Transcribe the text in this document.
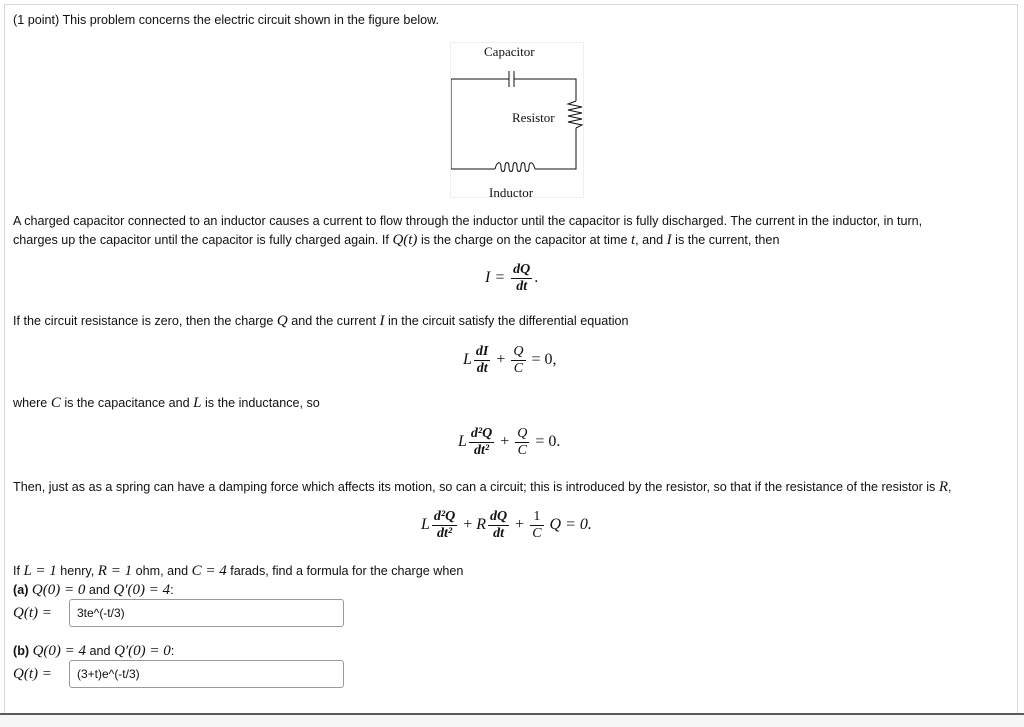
(1 point) This problem concerns the electric circuit shown in the figure below.
Capacitor
Resistor
Inductor
A charged capacitor connected to an inductor causes a current to flow through the inductor until the capacitor is fully discharged. The current in the inductor, in turn,
charges up the capacitor until the capacitor is fully charged again. If Q(t) is the charge on the capacitor at time t, and I is the current, then
$I = \frac{dQ}{dt}$ .
If the circuit resistance is zero, then the charge Q and the current I in the circuit satisfy the differential equation
L $\frac{dI}{dt} + \frac{Q}{C} = 0$,
where C is the capacitance and L is the inductance, so
L $\frac{\text{d²Q}}{\text{dt²}} + \frac{Q}{C} = 0$.
Then, just as as a spring can have a damping force which affects its motion, so can a circuit; this is introduced by the resistor, so that if the resistance of the resistor is R,
L $\frac{\text{d²Q}}{\text{dt²}} + R \frac{dQ}{dt} + \frac{1}{C}$ Q = 0.
If L = 1 henry, R = 1 ohm, and C = 4 farads, find a formula for the charge when
(a) Q(0) = 0 and Q′(0) = 4:
Q(t) =	3te^(-t/3)
(b) Q(0) = 4 and Q′(0) = 0:
Q(t) =	(3+t)e^(-t/3)
